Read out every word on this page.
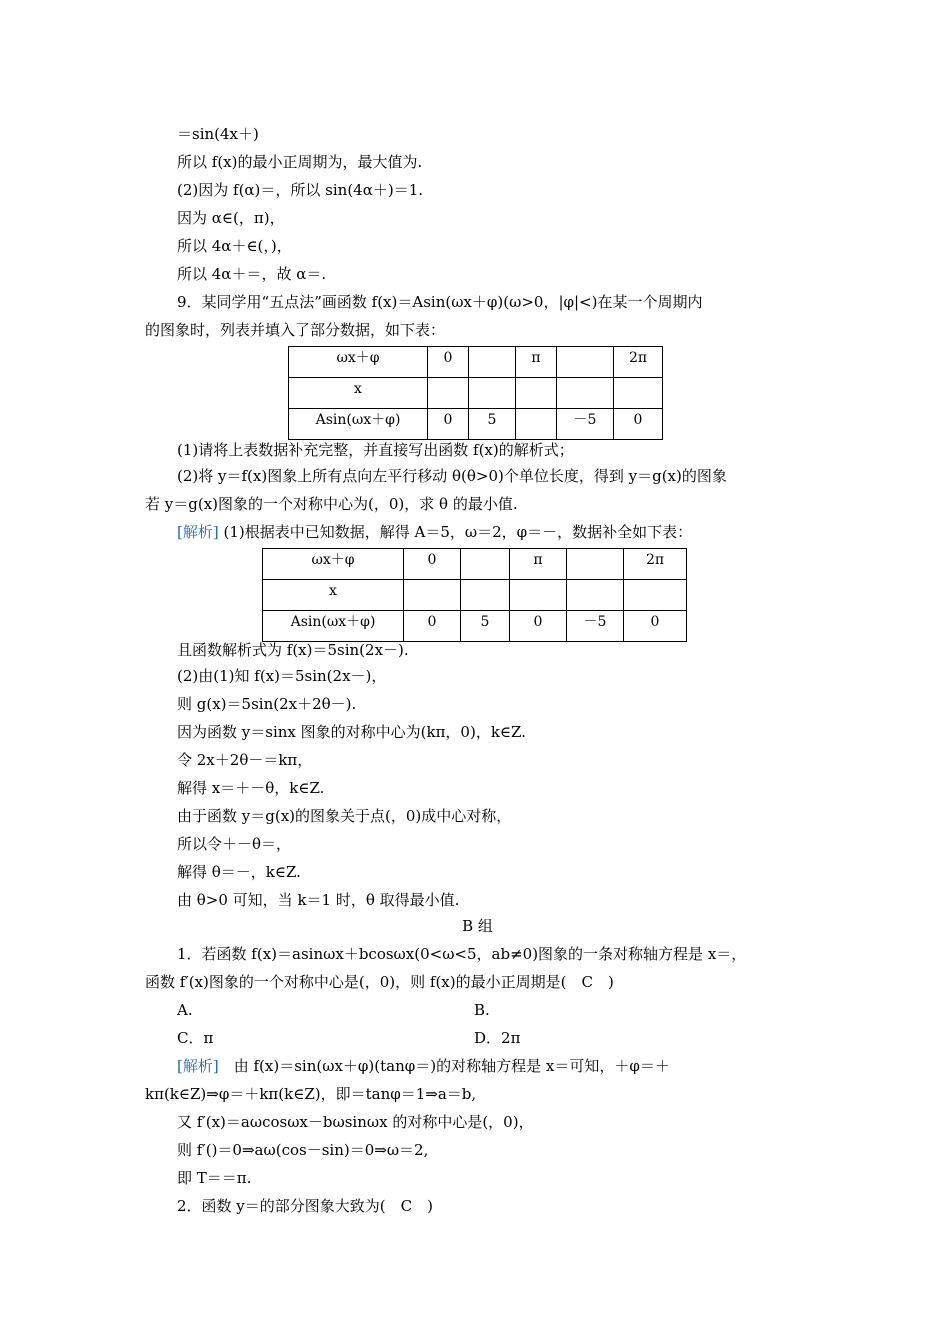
＝sin(4x＋)
所以 f(x)的最小正周期为，最大值为.
(2)因为 f(α)＝，所以 sin(4α＋)＝1.
因为 α∈(，π)，
所以 4α＋∈(，)，
所以 4α＋＝，故 α＝.
9．某同学用“五点法”画函数 f(x)＝Asin(ωx＋φ)(ω>0，|φ|<)在某一个周期内
的图象时，列表并填入了部分数据，如下表：
ωx＋φ	0		π		2π
x					
Asin(ωx＋φ)	0	5		－5	0
(1)请将上表数据补充完整，并直接写出函数 f(x)的解析式；
(2)将 y＝f(x)图象上所有点向左平行移动 θ(θ>0)个单位长度，得到 y＝g(x)的图象
若 y＝g(x)图象的一个对称中心为(，0)，求 θ 的最小值.
[解析] (1)根据表中已知数据，解得 A＝5，ω＝2，φ＝－，数据补全如下表：
ωx＋φ	0		π		2π
x					
Asin(ωx＋φ)	0	5	0	－5	0
且函数解析式为 f(x)＝5sin(2x－).
(2)由(1)知 f(x)＝5sin(2x－)，
则 g(x)＝5sin(2x＋2θ－).
因为函数 y＝sinx 图象的对称中心为(kπ，0)，k∈Z.
令 2x＋2θ－＝kπ，
解得 x＝＋－θ，k∈Z.
由于函数 y＝g(x)的图象关于点(，0)成中心对称，
所以令＋－θ＝，
解得 θ＝－，k∈Z.
由 θ>0 可知，当 k＝1 时，θ 取得最小值.
B 组
1．若函数 f(x)＝asinωx＋bcosωx(0<ω<5，ab≠0)图象的一条对称轴方程是 x＝，
函数 f′(x)图象的一个对称中心是(，0)，则 f(x)的最小正周期是(　C　)
A.	B.
C．π	D．2π
[解析]　由 f(x)＝sin(ωx＋φ)(tanφ＝)的对称轴方程是 x＝可知，＋φ＝＋
kπ(k∈Z)⇒φ＝＋kπ(k∈Z)，即＝tanφ＝1⇒a＝b,
又 f′(x)＝aωcosωx－bωsinωx 的对称中心是(，0)，
则 f′()＝0⇒aω(cos－sin)＝0⇒ω＝2,
即 T＝＝π.
2．函数 y＝的部分图象大致为(　C　)
